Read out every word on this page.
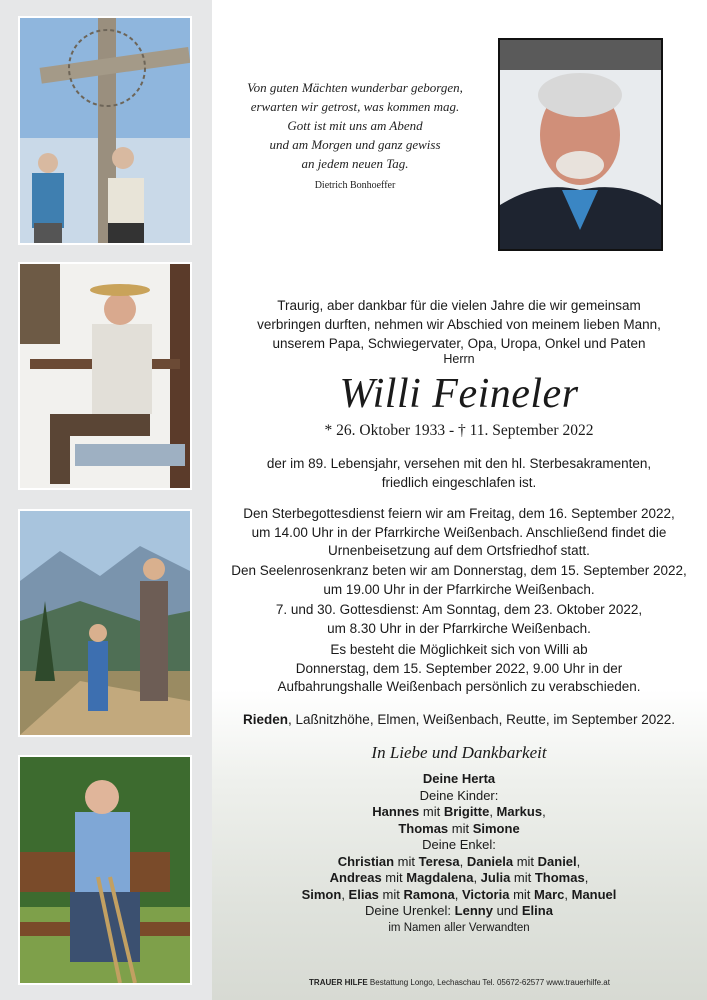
Von guten Mächten wunderbar geborgen,
erwarten wir getrost, was kommen mag.
Gott ist mit uns am Abend
und am Morgen und ganz gewiss
an jedem neuen Tag.
Dietrich Bonhoeffer
Traurig, aber dankbar für die vielen Jahre die wir gemeinsam
verbringen durften, nehmen wir Abschied von meinem lieben Mann,
unserem Papa, Schwiegervater, Opa, Uropa, Onkel und Paten
Herrn
Willi Feineler
* 26. Oktober 1933 - † 11. September 2022
der im 89. Lebensjahr, versehen mit den hl. Sterbesakramenten,
friedlich eingeschlafen ist.
Den Sterbegottesdienst feiern wir am Freitag, dem 16. September 2022,
um 14.00 Uhr in der Pfarrkirche Weißenbach. Anschließend findet die
Urnenbeisetzung auf dem Ortsfriedhof statt.
Den Seelenrosenkranz beten wir am Donnerstag, dem 15. September 2022,
um 19.00 Uhr in der Pfarrkirche Weißenbach.
7. und 30. Gottesdienst: Am Sonntag, dem 23. Oktober 2022,
um 8.30 Uhr in der Pfarrkirche Weißenbach.
Es besteht die Möglichkeit sich von Willi ab
Donnerstag, dem 15. September 2022, 9.00 Uhr in der
Aufbahrungshalle Weißenbach persönlich zu verabschieden.
Rieden, Laßnitzhöhe, Elmen, Weißenbach, Reutte, im September 2022.
In Liebe und Dankbarkeit
Deine Herta
Deine Kinder:
Hannes mit Brigitte, Markus,
Thomas mit Simone
Deine Enkel:
Christian mit Teresa, Daniela mit Daniel,
Andreas mit Magdalena, Julia mit Thomas,
Simon, Elias mit Ramona, Victoria mit Marc, Manuel
Deine Urenkel: Lenny und Elina
im Namen aller Verwandten
TRAUER HILFE Bestattung Longo, Lechaschau Tel. 05672-62577 www.trauerhilfe.at
